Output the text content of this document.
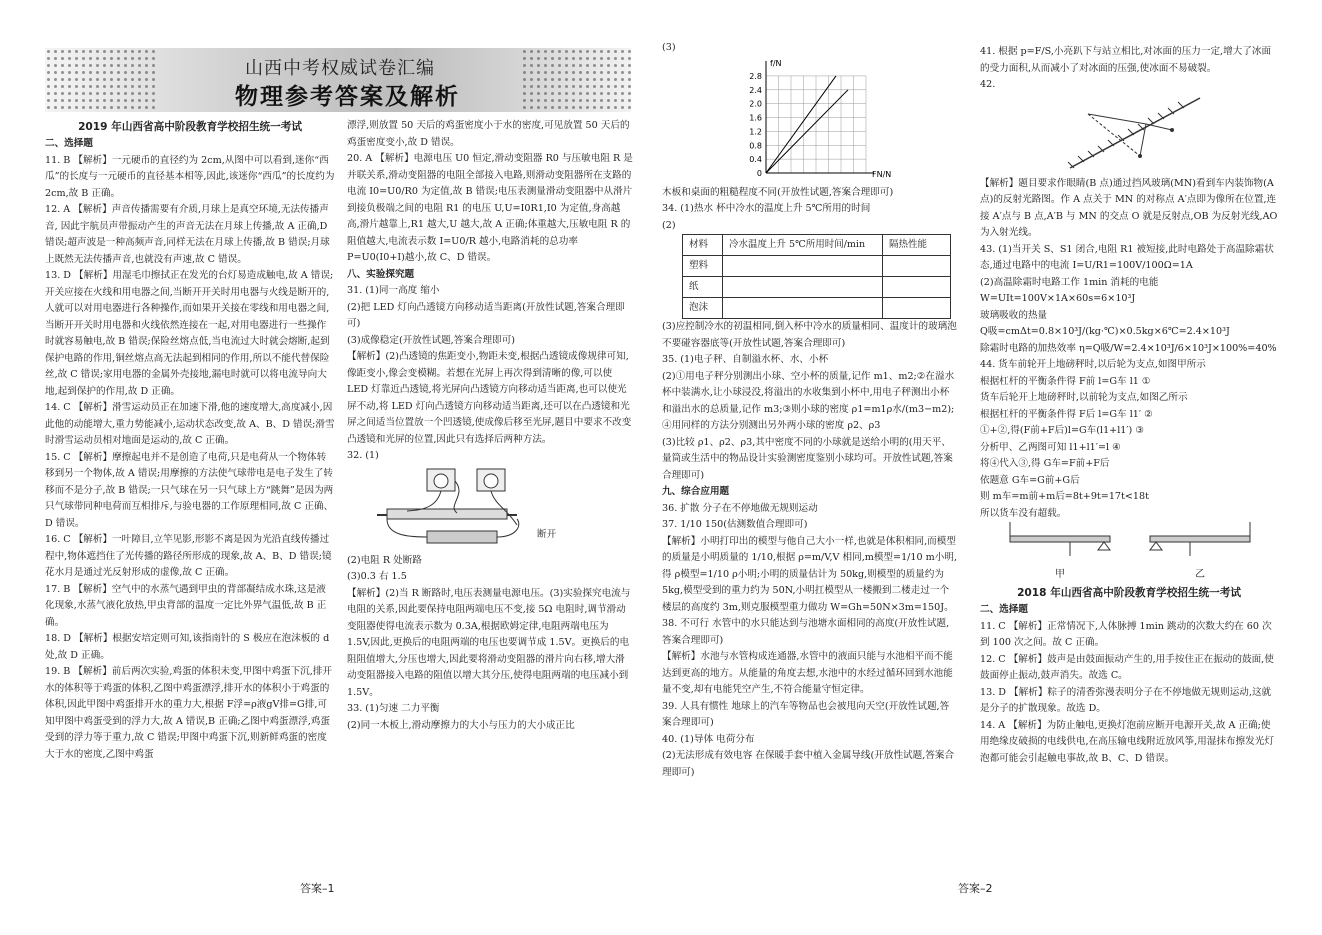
山西中考权威试卷汇编
物理参考答案及解析
2019 年山西省高中阶段教育学校招生统一考试
二、选择题
11. B 【解析】一元硬币的直径约为 2cm,从图中可以看到,迷你“西瓜”的长度与一元硬币的直径基本相等,因此,该迷你“西瓜”的长度约为 2cm,故 B 正确。
12. A 【解析】声音传播需要有介质,月球上是真空环境,无法传播声音, 因此宇航员声带振动产生的声音无法在月球上传播,故 A 正确,D 错误;超声波是一种高频声音,同样无法在月球上传播,故 B 错误;月球上既然无法传播声音,也就没有声速,故 C 错误。
13. D 【解析】用湿毛巾擦拭正在发光的台灯易造成触电,故 A 错误;开关应接在火线和用电器之间,当断开开关时用电器与火线是断开的,人就可以对用电器进行各种操作,而如果开关接在零线和用电器之间,当断开开关时用电器和火线依然连接在一起,对用电器进行一些操作时就容易触电,故 B 错误;保险丝熔点低,当电流过大时就会熔断,起到保护电路的作用,铜丝熔点高无法起到相同的作用,所以不能代替保险丝,故 C 错误;家用电器的金属外壳接地,漏电时就可以将电流导向大地,起到保护的作用,故 D 正确。
14. C 【解析】滑雪运动员正在加速下滑,他的速度增大,高度减小,因此他的动能增大,重力势能减小,运动状态改变,故 A、B、D 错误;滑雪时滑雪运动员相对地面是运动的,故 C 正确。
15. C 【解析】摩擦起电并不是创造了电荷,只是电荷从一个物体转移到另一个物体,故 A 错误;用摩擦的方法使气球带电是电子发生了转移而不是分子,故 B 错误;一只气球在另一只气球上方“跳舞”是因为两只气球带同种电荷而互相排斥,与验电器的工作原理相同,故 C 正确、D 错误。
16. C 【解析】一叶障目,立竿见影,形影不离是因为光沿直线传播过程中,物体遮挡住了光传播的路径所形成的现象,故 A、B、D 错误;镜花水月是通过光反射形成的虚像,故 C 正确。
17. B 【解析】空气中的水蒸气遇到甲虫的背部凝结成水珠,这是液化现象,水蒸气液化放热,甲虫背部的温度一定比外界气温低,故 B 正确。
18. D 【解析】根据安培定则可知,该指南针的 S 极应在泡沫板的 d 处,故 D 正确。
19. B 【解析】前后两次实验,鸡蛋的体积未变,甲图中鸡蛋下沉,排开水的体积等于鸡蛋的体积,乙图中鸡蛋漂浮,排开水的体积小于鸡蛋的体积,因此甲图中鸡蛋排开水的重力大,根据 F浮=ρ液gV排=G排,可知甲图中鸡蛋受到的浮力大,故 A 错误,B 正确;乙图中鸡蛋漂浮,鸡蛋受到的浮力等于重力,故 C 错误;甲图中鸡蛋下沉,则新鲜鸡蛋的密度大于水的密度,乙图中鸡蛋
漂浮,则放置 50 天后的鸡蛋密度小于水的密度,可见放置 50 天后的鸡蛋密度变小,故 D 错误。
20. A 【解析】电源电压 U0 恒定,滑动变阻器 R0 与压敏电阻 R 是并联关系,滑动变阻器的电阻全部接入电路,则滑动变阻器所在支路的电流 I0=U0/R0 为定值,故 B 错误;电压表测量滑动变阻器中从滑片到接负极端之间的电阻 R1 的电压 U,U=I0R1,I0 为定值,身高越高,滑片越靠上,R1 越大,U 越大,故 A 正确;体重越大,压敏电阻 R 的阻值越大,电流表示数 I=U0/R 越小,电路消耗的总功率 P=U0(I0+I)越小,故 C、D 错误。
八、实验探究题
31. (1)同一高度 缩小
(2)把 LED 灯向凸透镜方向移动适当距离(开放性试题,答案合理即可)
(3)成像稳定(开放性试题,答案合理即可)
【解析】(2)凸透镜的焦距变小,物距未变,根据凸透镜成像规律可知,像距变小,像会变模糊。若想在光屏上再次得到清晰的像,可以使 LED 灯靠近凸透镜,将光屏向凸透镜方向移动适当距离,也可以使光屏不动,将 LED 灯向凸透镜方向移动适当距离,还可以在凸透镜和光屏之间适当位置放一个凹透镜,使成像后移至光屏,题目中要求不改变凸透镜和光屏的位置,因此只有选择后两种方法。
32. (1)
断开
(2)电阻 R 处断路
(3)0.3 右 1.5
【解析】(2)当 R 断路时,电压表测量电源电压。(3)实验探究电流与电阻的关系,因此要保持电阻两端电压不变,接 5Ω 电阻时,调节滑动变阻器使得电流表示数为 0.3A,根据欧姆定律,电阻两端电压为 1.5V,因此,更换后的电阻两端的电压也要调节成 1.5V。更换后的电阻阻值增大,分压也增大,因此要将滑动变阻器的滑片向右移,增大滑动变阻器接入电路的阻值以增大其分压,使得电阻两端的电压减小到 1.5V。
33. (1)匀速 二力平衡
(2)同一木板上,滑动摩擦力的大小与压力的大小成正比
答案–1
(3)
2.8
2.4
2.0
1.6
1.2
0.8
0.4
0
f/N
FN/N
木板和桌面的粗糙程度不同(开放性试题,答案合理即可)
34. (1)热水 杯中冷水的温度上升 5℃所用的时间
(2)
材料	冷水温度上升 5℃所用时间/min	隔热性能
塑料		
纸		
泡沫		
(3)应控制冷水的初温相同,倒入杯中冷水的质量相同、温度计的玻璃泡不要碰容器底等(开放性试题,答案合理即可)
35. (1)电子秤、自制溢水杯、水、小杯
(2)①用电子秤分别测出小球、空小杯的质量,记作 m1、m2;②在溢水杯中装满水,让小球浸没,将溢出的水收集到小杯中,用电子秤测出小杯和溢出水的总质量,记作 m3;③则小球的密度 ρ1=m1ρ水/(m3−m2);
④用同样的方法分别测出另外两小球的密度 ρ2、ρ3
(3)比较 ρ1、ρ2、ρ3,其中密度不同的小球就是送给小明的(用天平、量筒或生活中的物品设计实验测密度鉴别小球均可。开放性试题,答案合理即可)
九、综合应用题
36. 扩散 分子在不停地做无规则运动
37. 1/10 150(估测数值合理即可)
【解析】小明打印出的模型与他自己大小一样,也就是体积相同,而模型的质量是小明质量的 1/10,根据 ρ=m/V,V 相同,m模型=1/10 m小明,得 ρ模型=1/10 ρ小明;小明的质量估计为 50kg,则模型的质量约为 5kg,模型受到的重力约为 50N,小明扛模型从一楼搬到二楼走过一个楼层的高度约 3m,则克服模型重力做功 W=Gh=50N×3m=150J。
38. 不可行 水管中的水只能达到与池塘水面相同的高度(开放性试题,答案合理即可)
【解析】水池与水管构成连通器,水管中的液面只能与水池相平而不能达到更高的地方。从能量的角度去想,水池中的水经过循环回到水池能量不变,却有电能凭空产生,不符合能量守恒定律。
39. 人具有惯性 地球上的汽车等物品也会被甩向天空(开放性试题,答案合理即可)
40. (1)导体 电荷分布
(2)无法形成有效电容 在保暖手套中植入金属导线(开放性试题,答案合理即可)
41. 根据 p=F/S,小亮趴下与站立相比,对冰面的压力一定,增大了冰面的受力面积,从而减小了对冰面的压强,使冰面不易破裂。
42.
【解析】题目要求作眼睛(B 点)通过挡风玻璃(MN)看到车内装饰物(A 点)的反射光路图。作 A 点关于 MN 的对称点 A′点即为像所在位置,连接 A′点与 B 点,A′B 与 MN 的交点 O 就是反射点,OB 为反射光线,AO 为入射光线。
43. (1)当开关 S、S1 闭合,电阻 R1 被短接,此时电路处于高温除霜状态,通过电路中的电流 I=U/R1=100V/100Ω=1A
(2)高温除霜时电路工作 1min 消耗的电能
W=UIt=100V×1A×60s=6×10³J
玻璃吸收的热量
Q吸=cmΔt=0.8×10³J/(kg·℃)×0.5kg×6℃=2.4×10³J
除霜时电路的加热效率 η=Q吸/W=2.4×10³J/6×10³J×100%=40%
44. 货车前轮开上地磅秤时,以后轮为支点,如图甲所示
根据杠杆的平衡条件得 F前 l=G车 l1 ①
货车后轮开上地磅秤时,以前轮为支点,如图乙所示
根据杠杆的平衡条件得 F后 l=G车 l1′ ②
①+②,得(F前+F后)l=G车(l1+l1′) ③
分析甲、乙两图可知 l1+l1′=l ④
将④代入③,得 G车=F前+F后
依题意 G车=G前+G后
则 m车=m前+m后=8t+9t=17t<18t
所以货车没有超载。
甲	乙
2018 年山西省高中阶段教育学校招生统一考试
二、选择题
11. C 【解析】正常情况下,人体脉搏 1min 跳动的次数大约在 60 次到 100 次之间。故 C 正确。
12. C 【解析】鼓声是由鼓面振动产生的,用手按住正在振动的鼓面,使鼓面停止振动,鼓声消失。故选 C。
13. D 【解析】粽子的清香弥漫表明分子在不停地做无规则运动,这就是分子的扩散现象。故选 D。
14. A 【解析】为防止触电,更换灯泡前应断开电源开关,故 A 正确;使用绝缘皮破损的电线供电,在高压输电线附近放风筝,用湿抹布擦发光灯泡都可能会引起触电事故,故 B、C、D 错误。
答案–2
